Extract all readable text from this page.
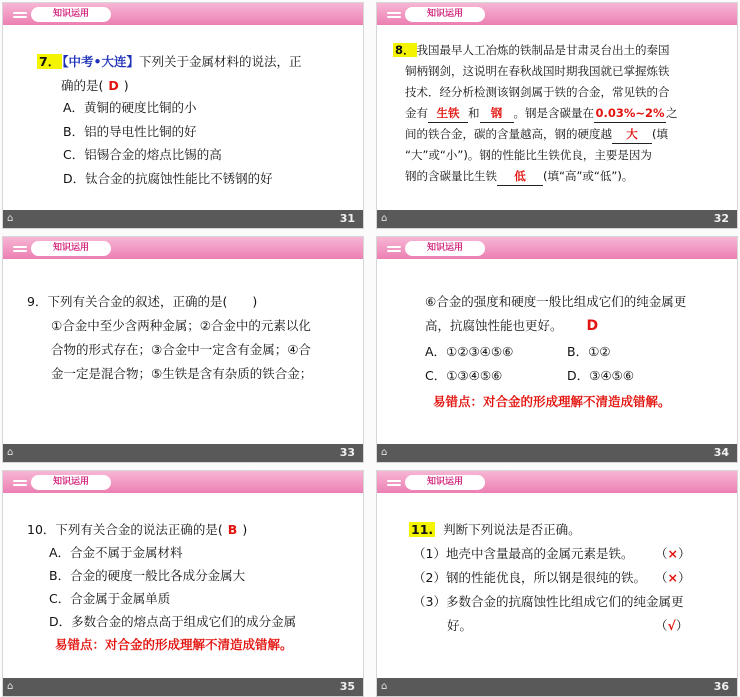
知识运用
7． 【中考•大连】下列关于金属材料的说法，正
确的是( D )
A．黄铜的硬度比铜的小
B．铝的导电性比铜的好
C．铝锡合金的熔点比锡的高
D．钛合金的抗腐蚀性能比不锈钢的好
⌂	31
知识运用
8． 我国最早人工冶炼的铁制品是甘肃灵台出土的秦国
铜柄钢剑，这说明在春秋战国时期我国就已掌握炼铁
技术．经分析检测该钢剑属于铁的合金，常见铁的合
金有 生铁 和 钢 。钢是含碳量在0.03%~2%之
间的铁合金，碳的含量越高，钢的硬度越 大 (填
“大”或“小”)。钢的性能比生铁优良，主要是因为
钢的含碳量比生铁 低 (填“高”或“低”)。
⌂	32
知识运用
9．下列有关合金的叙述，正确的是(　　)
①合金中至少含两种金属；②合金中的元素以化
合物的形式存在；③合金中一定含有金属；④合
金一定是混合物；⑤生铁是含有杂质的铁合金；
⌂	33
知识运用
⑥合金的强度和硬度一般比组成它们的纯金属更
高，抗腐蚀性能也更好。 D
A．①②③④⑤⑥	B．①②
C．①③④⑤⑥	D．③④⑤⑥
易错点：对合金的形成理解不清造成错解。
⌂	34
知识运用
10．下列有关合金的说法正确的是( B )
A．合金不属于金属材料
B．合金的硬度一般比各成分金属大
C．合金属于金属单质
D．多数合金的熔点高于组成它们的成分金属
易错点：对合金的形成理解不清造成错解。
⌂	35
知识运用
11. 判断下列说法是否正确。
（1）地壳中含量最高的金属元素是铁。 （×）
（2）钢的性能优良，所以钢是很纯的铁。 （×）
（3）多数合金的抗腐蚀性比组成它们的纯金属更
好。	（√）
⌂	36
